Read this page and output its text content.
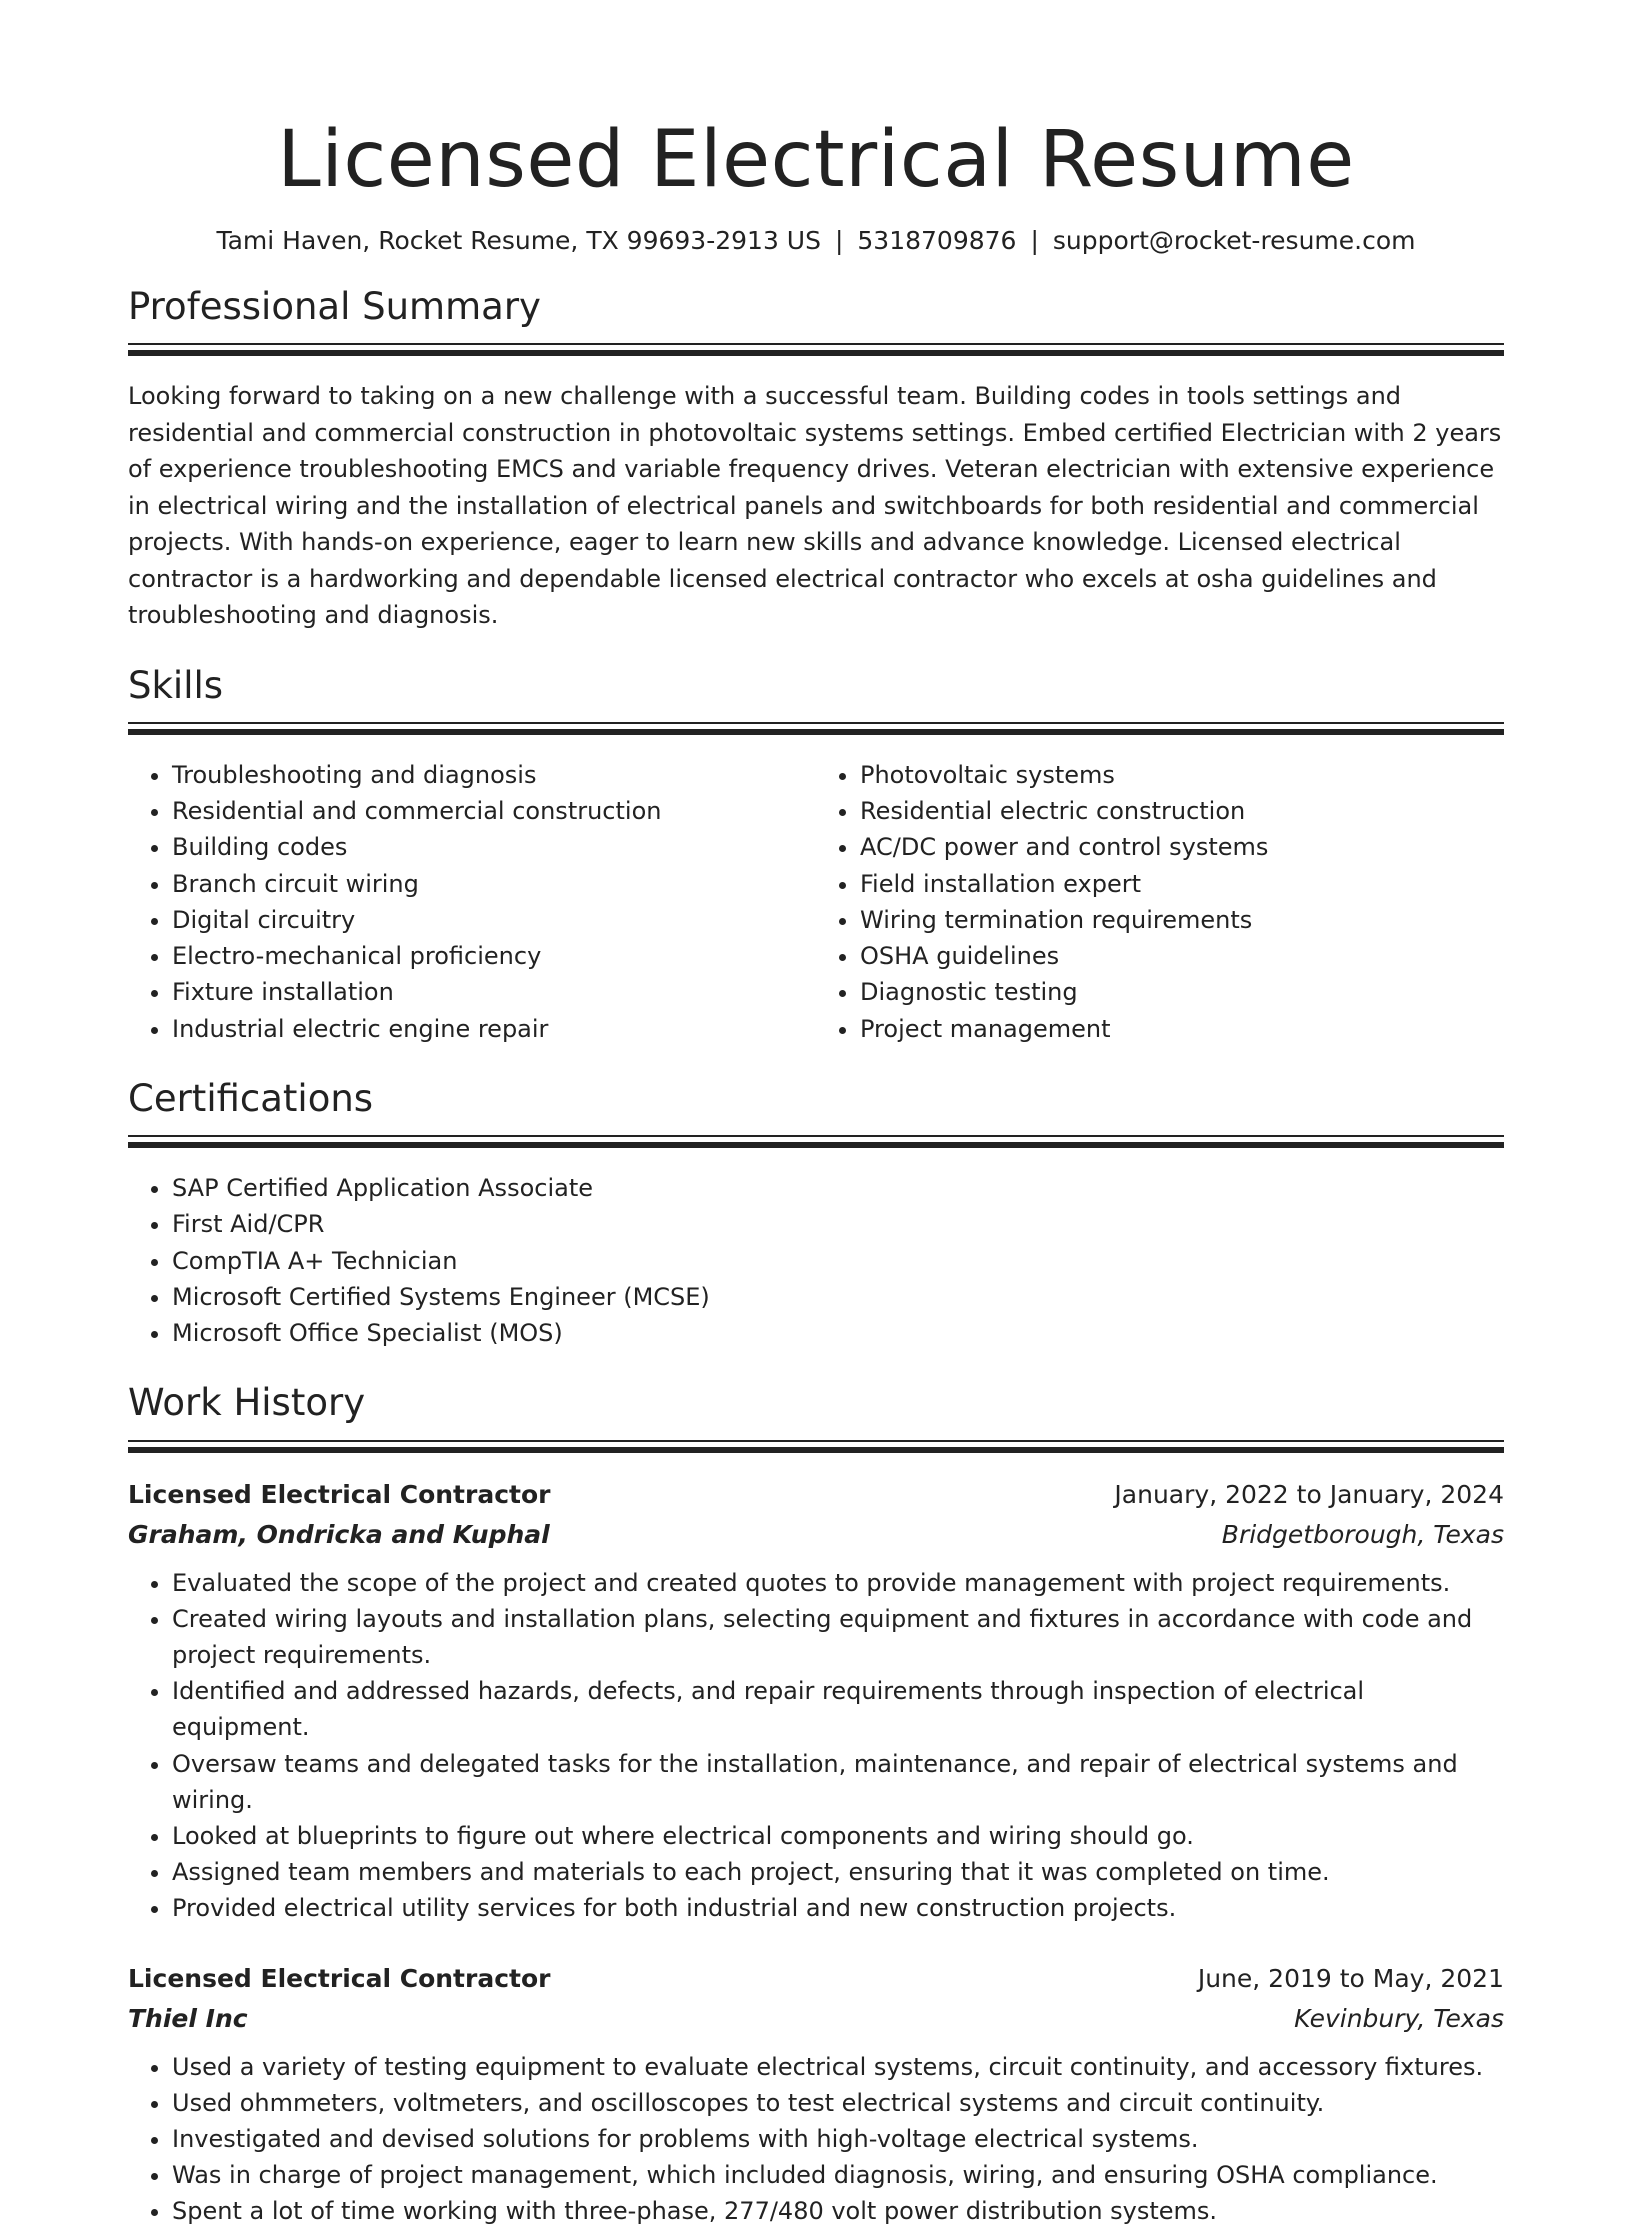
Licensed Electrical Resume
Tami Haven, Rocket Resume, TX 99693-2913 US | 5318709876 | support@rocket-resume.com
Professional Summary

Looking forward to taking on a new challenge with a successful team. Building codes in tools settings and residential and commercial construction in photovoltaic systems settings. Embed certified Electrician with 2 years of experience troubleshooting EMCS and variable frequency drives. Veteran electrician with extensive experience in electrical wiring and the installation of electrical panels and switchboards for both residential and commercial projects. With hands-on experience, eager to learn new skills and advance knowledge. Licensed electrical contractor is a hardworking and dependable licensed electrical contractor who excels at osha guidelines and troubleshooting and diagnosis.

Skills
• Troubleshooting and diagnosis
• Residential and commercial construction
• Building codes
• Branch circuit wiring
• Digital circuitry
• Electro-mechanical proficiency
• Fixture installation
• Industrial electric engine repair
• Photovoltaic systems
• Residential electric construction
• AC/DC power and control systems
• Field installation expert
• Wiring termination requirements
• OSHA guidelines
• Diagnostic testing
• Project management
Certifications
• SAP Certified Application Associate
• First Aid/CPR
• CompTIA A+ Technician
• Microsoft Certified Systems Engineer (MCSE)
• Microsoft Office Specialist (MOS)
Work History
Licensed Electrical Contractor	January, 2022 to January, 2024
Graham, Ondricka and Kuphal	Bridgetborough, Texas
• Evaluated the scope of the project and created quotes to provide management with project requirements.
• Created wiring layouts and installation plans, selecting equipment and fixtures in accordance with code and project requirements.
• Identified and addressed hazards, defects, and repair requirements through inspection of electrical equipment.
• Oversaw teams and delegated tasks for the installation, maintenance, and repair of electrical systems and wiring.
• Looked at blueprints to figure out where electrical components and wiring should go.
• Assigned team members and materials to each project, ensuring that it was completed on time.
• Provided electrical utility services for both industrial and new construction projects.
Licensed Electrical Contractor	June, 2019 to May, 2021
Thiel Inc	Kevinbury, Texas
• Used a variety of testing equipment to evaluate electrical systems, circuit continuity, and accessory fixtures.
• Used ohmmeters, voltmeters, and oscilloscopes to test electrical systems and circuit continuity.
• Investigated and devised solutions for problems with high-voltage electrical systems.
• Was in charge of project management, which included diagnosis, wiring, and ensuring OSHA compliance.
• Spent a lot of time working with three-phase, 277/480 volt power distribution systems.
